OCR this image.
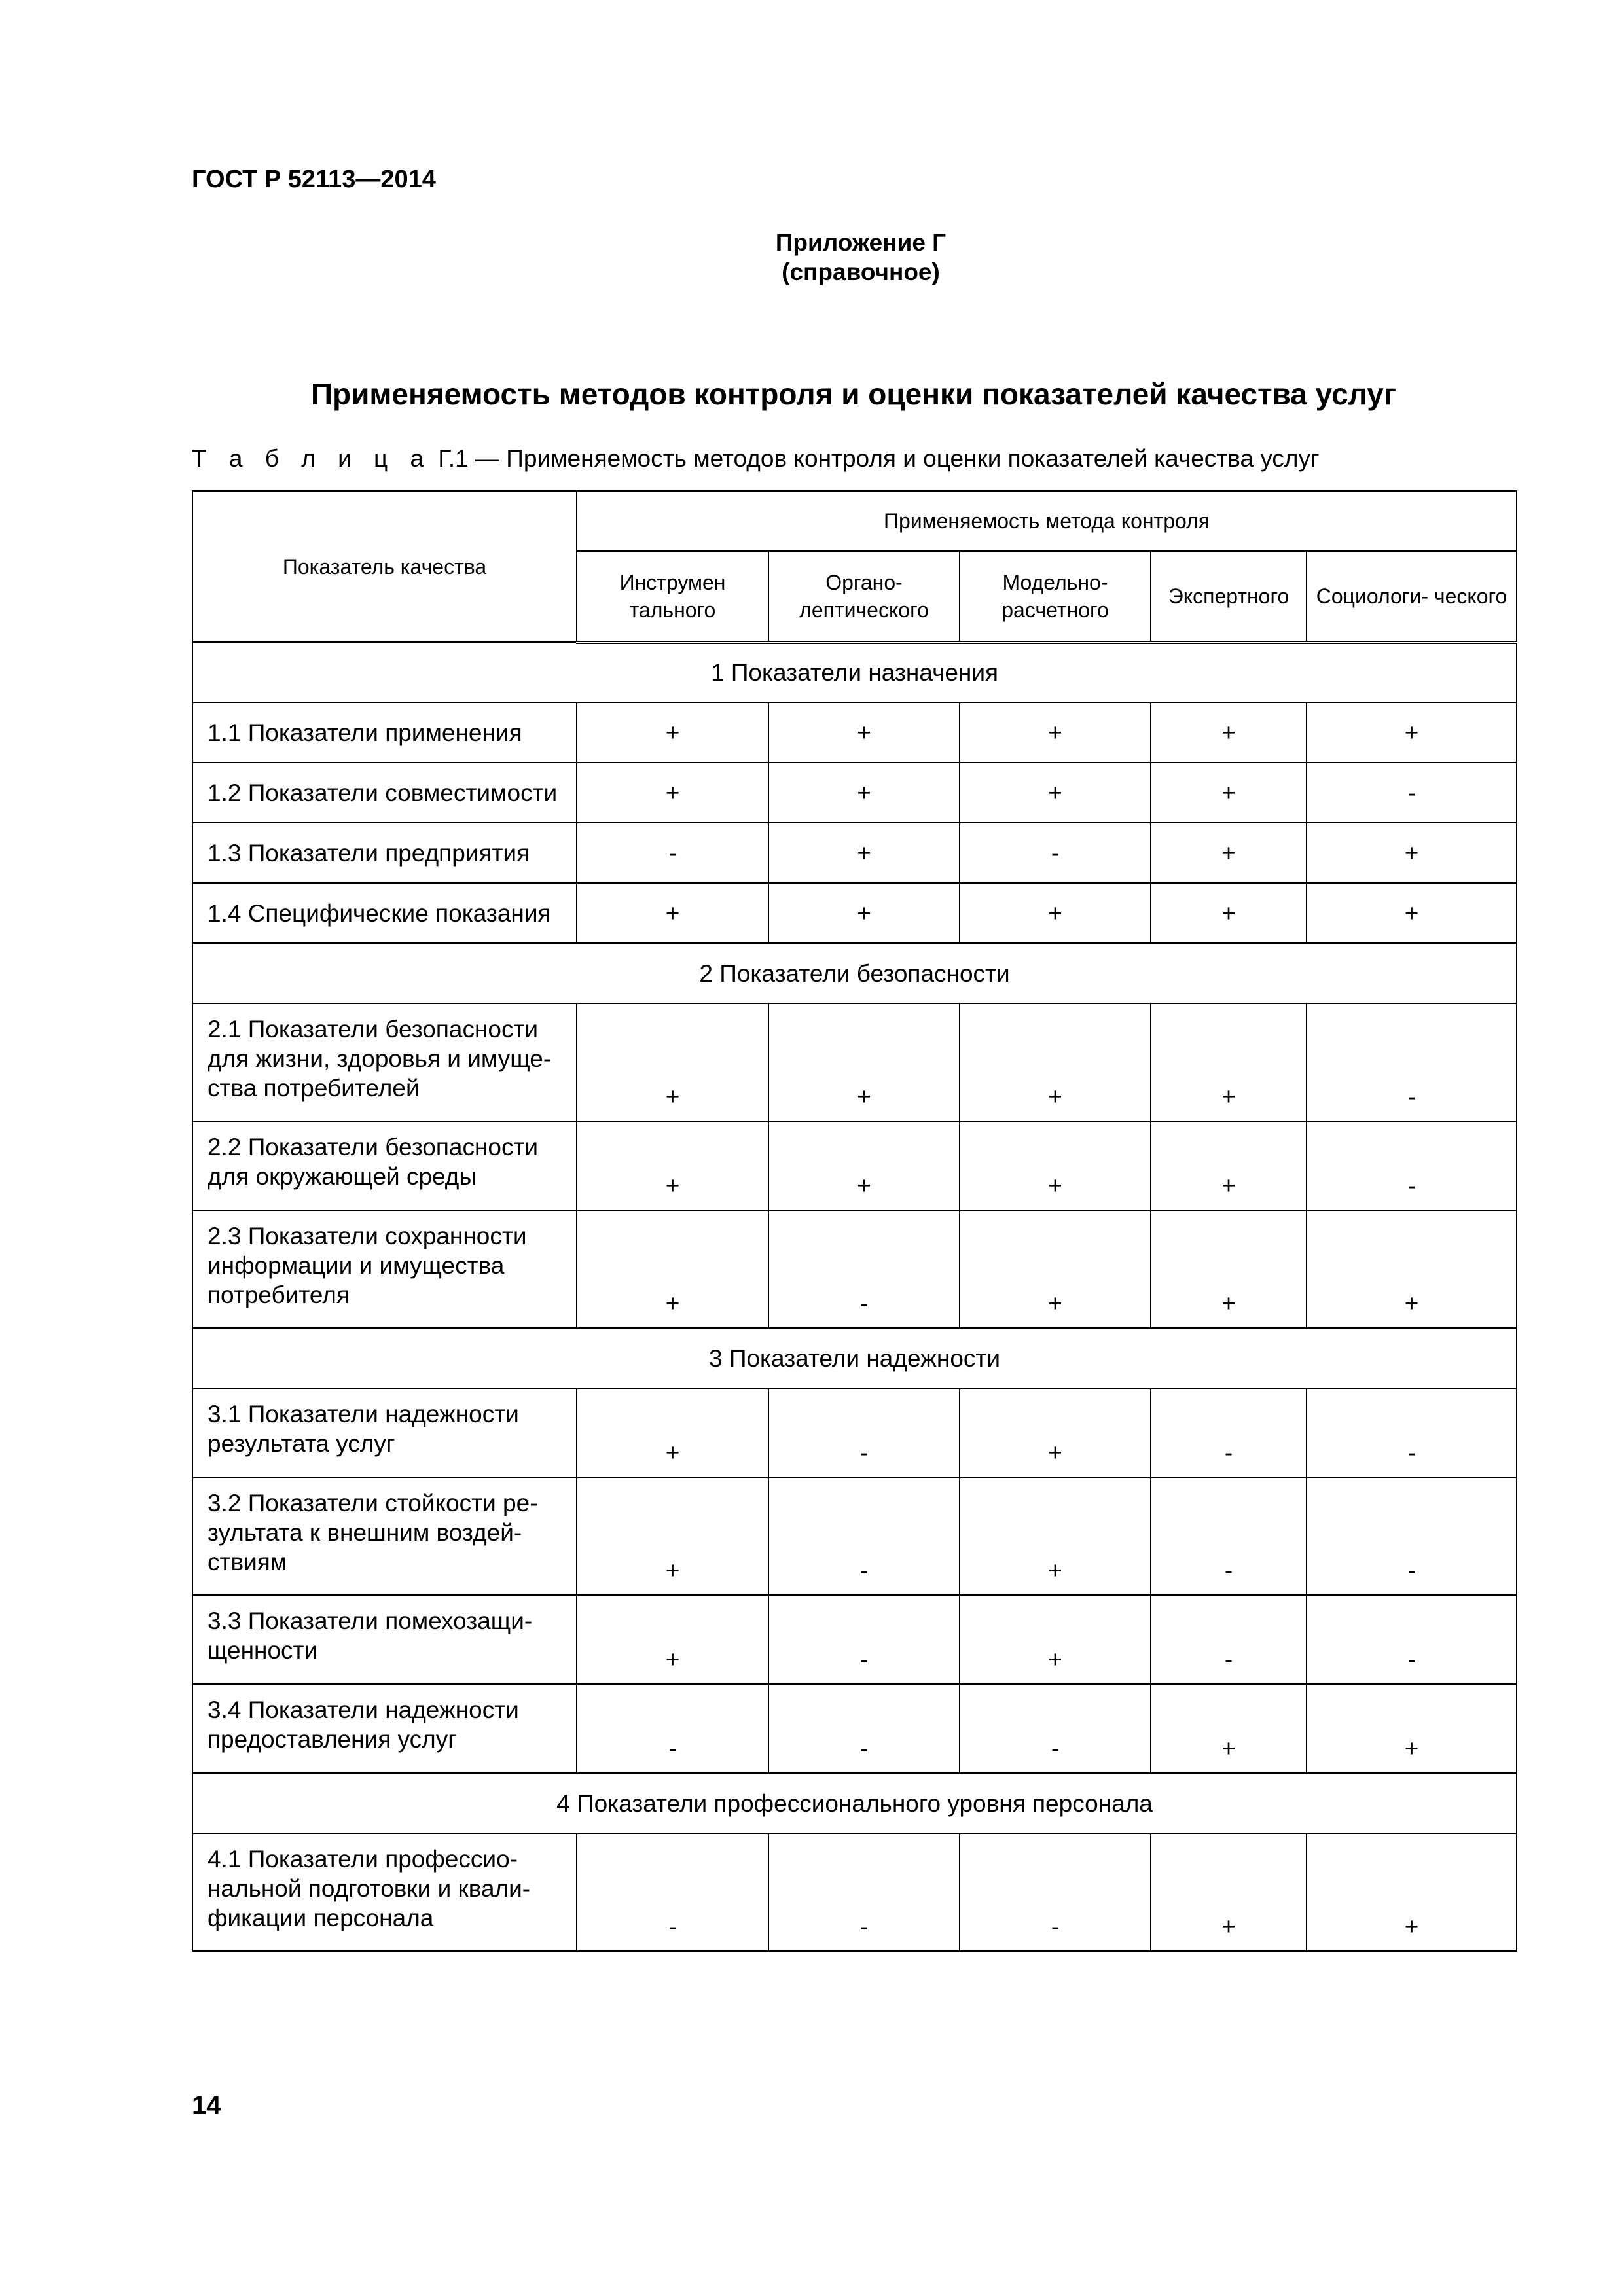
ГОСТ Р 52113—2014
Приложение Г
(справочное)
Применяемость методов контроля и оценки показателей качества услуг
Т а б л и ц а Г.1 — Применяемость методов контроля и оценки показателей качества услуг
Показатель качества	Применяемость метода контроля				
	Инструмен тального	Органо- лептического	Модельно- расчетного	Экспертного	Социологи- ческого
1 Показатели назначения					
1.1 Показатели применения	+	+	+	+	+
1.2 Показатели совместимости	+	+	+	+	-
1.3 Показатели предприятия	-	+	-	+	+
1.4 Специфические показания	+	+	+	+	+
2 Показатели безопасности					
2.1 Показатели безопасности для жизни, здоровья и имуще- ства потребителей	+	+	+	+	-
2.2 Показатели безопасности для окружающей среды	+	+	+	+	-
2.3 Показатели сохранности информации и имущества потребителя	+	-	+	+	+
3 Показатели надежности					
3.1 Показатели надежности результата услуг	+	-	+	-	-
3.2 Показатели стойкости ре- зультата к внешним воздей- ствиям	+	-	+	-	-
3.3 Показатели помехозащи- щенности	+	-	+	-	-
3.4 Показатели надежности предоставления услуг	-	-	-	+	+
4 Показатели профессионального уровня персонала					
4.1 Показатели профессио- нальной подготовки и квали- фикации персонала	-	-	-	+	+
14
